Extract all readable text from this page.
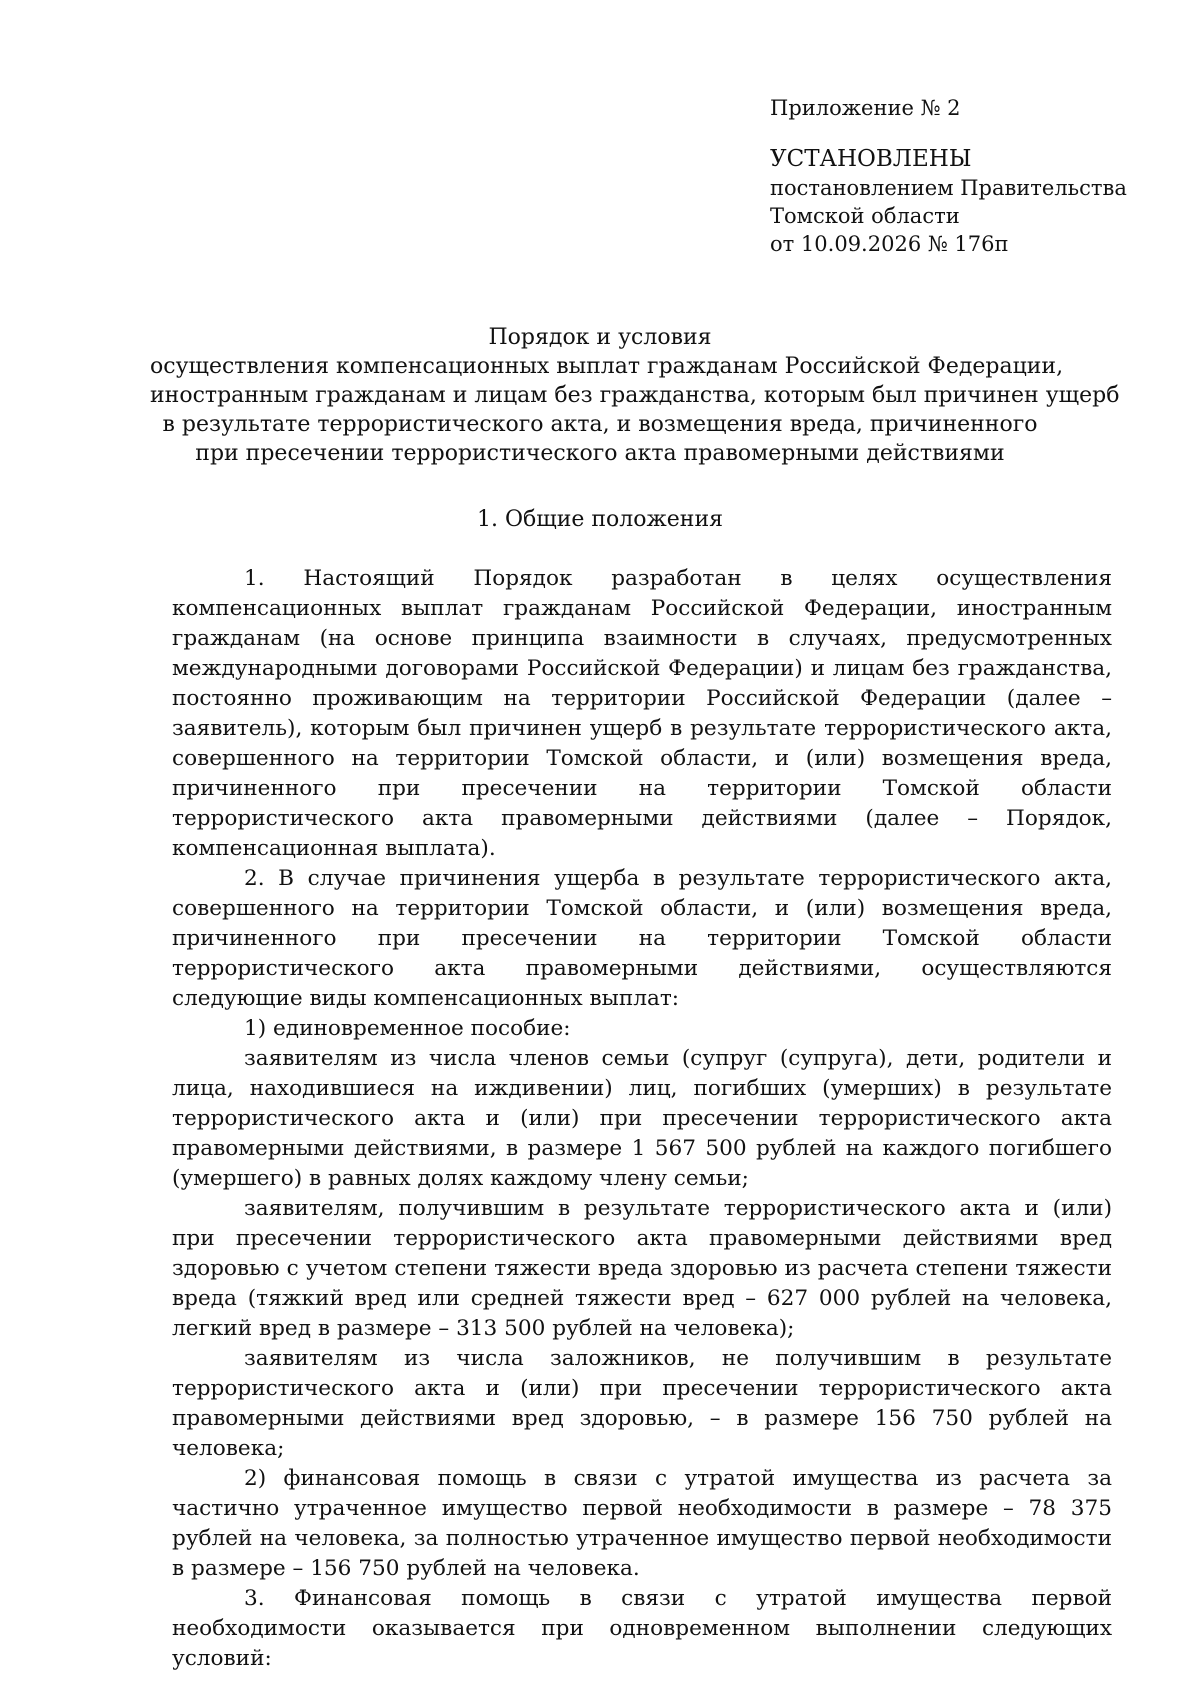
Приложение № 2
УСТАНОВЛЕНЫ
постановлением Правительства
Томской области
от 10.09.2026 № 176п
Порядок и условия
осуществления компенсационных выплат гражданам Российской Федерации,
иностранным гражданам и лицам без гражданства, которым был причинен ущерб
в результате террористического акта, и возмещения вреда, причиненного
при пресечении террористического акта правомерными действиями
1. Общие положения

1. Настоящий Порядок разработан в целях осуществления компенсационных выплат гражданам Российской Федерации, иностранным гражданам (на основе принципа взаимности в случаях, предусмотренных международными договорами Российской Федерации) и лицам без гражданства, постоянно проживающим на территории Российской Федерации (далее – заявитель), которым был причинен ущерб в результате террористического акта, совершенного на территории Томской области, и (или) возмещения вреда, причиненного при пресечении на территории Томской области террористического акта правомерными действиями (далее – Порядок, компенсационная выплата).

2. В случае причинения ущерба в результате террористического акта, совершенного на территории Томской области, и (или) возмещения вреда, причиненного при пресечении на территории Томской области террористического акта правомерными действиями, осуществляются следующие виды компенсационных выплат:

1) единовременное пособие:

заявителям из числа членов семьи (супруг (супруга), дети, родители и лица, находившиеся на иждивении) лиц, погибших (умерших) в результате террористического акта и (или) при пресечении террористического акта правомерными действиями, в размере 1 567 500 рублей на каждого погибшего (умершего) в равных долях каждому члену семьи;

заявителям, получившим в результате террористического акта и (или) при пресечении террористического акта правомерными действиями вред здоровью с учетом степени тяжести вреда здоровью из расчета степени тяжести вреда (тяжкий вред или средней тяжести вред – 627 000 рублей на человека, легкий вред в размере – 313 500 рублей на человека);

заявителям из числа заложников, не получившим в результате террористического акта и (или) при пресечении террористического акта правомерными действиями вред здоровью, – в размере 156 750 рублей на человека;

2) финансовая помощь в связи с утратой имущества из расчета за частично утраченное имущество первой необходимости в размере – 78 375 рублей на человека, за полностью утраченное имущество первой необходимости в размере – 156 750 рублей на человека.

3. Финансовая помощь в связи с утратой имущества первой необходимости оказывается при одновременном выполнении следующих условий:
